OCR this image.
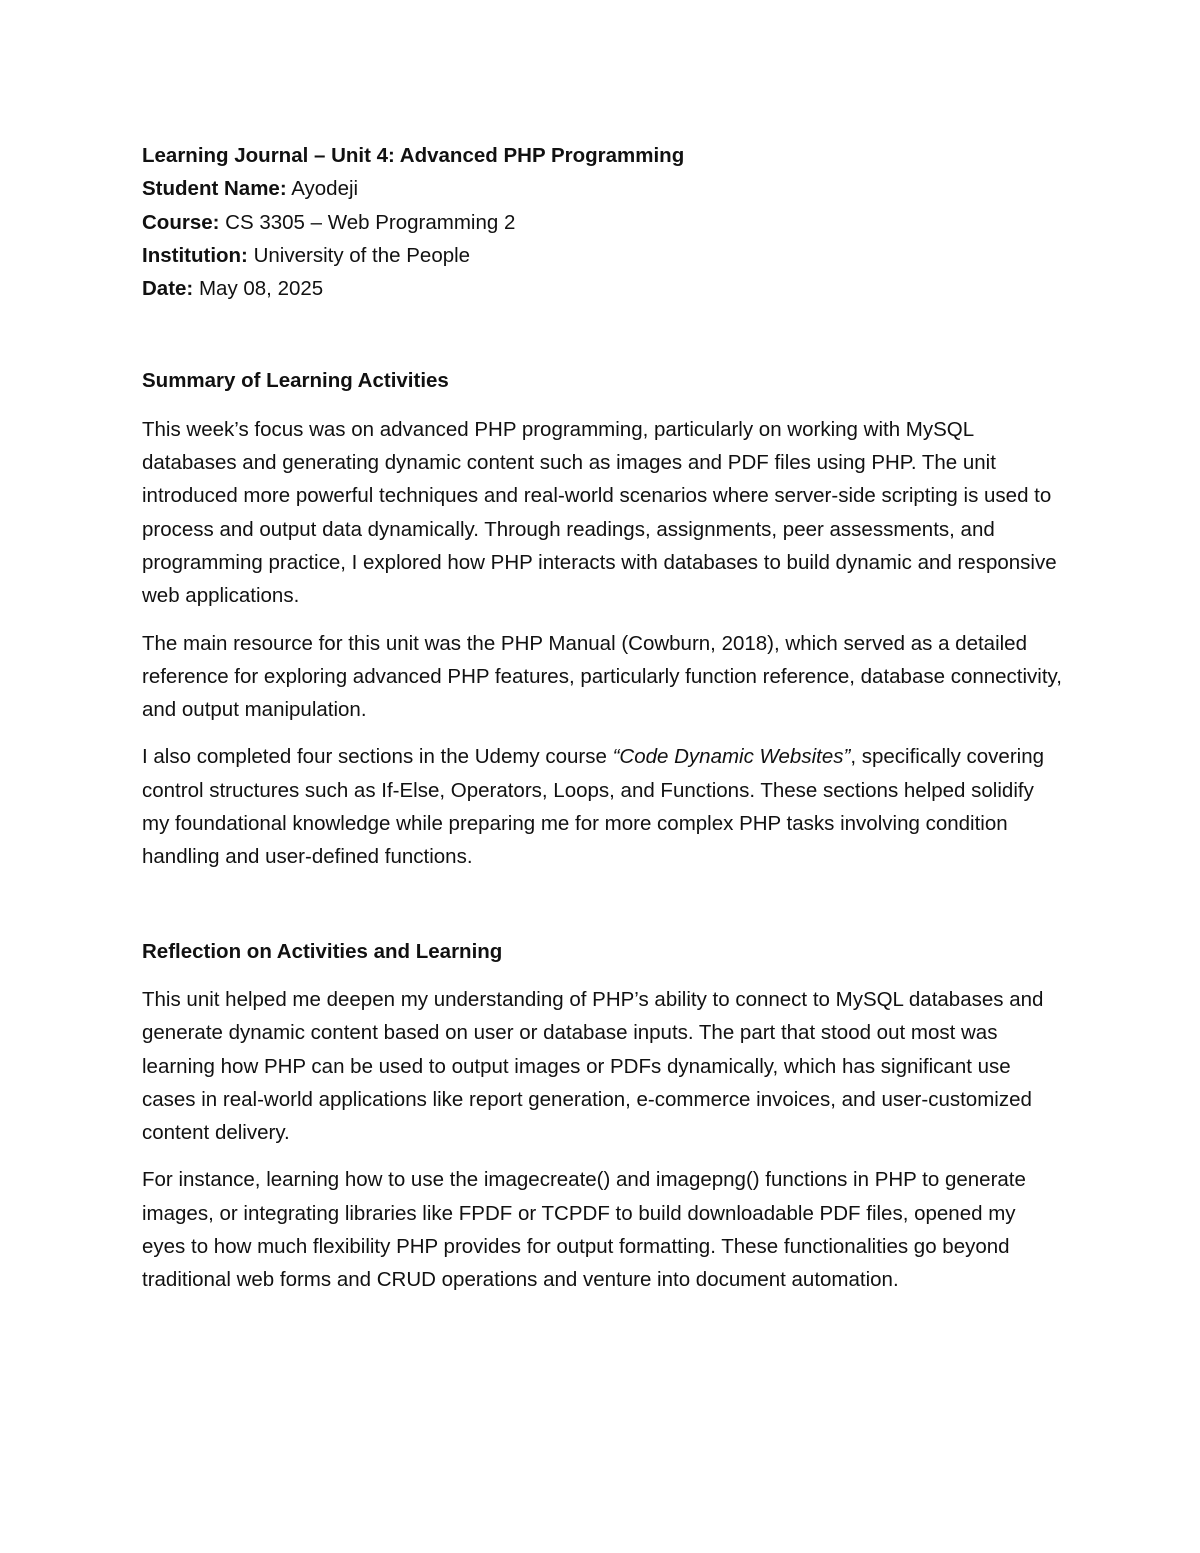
Learning Journal – Unit 4: Advanced PHP Programming

Student Name: Ayodeji

Course: CS 3305 – Web Programming 2

Institution: University of the People

Date: May 08, 2025

Summary of Learning Activities

This week’s focus was on advanced PHP programming, particularly on working with MySQL databases and generating dynamic content such as images and PDF files using PHP. The unit introduced more powerful techniques and real-world scenarios where server-side scripting is used to process and output data dynamically. Through readings, assignments, peer assessments, and programming practice, I explored how PHP interacts with databases to build dynamic and responsive web applications.

The main resource for this unit was the PHP Manual (Cowburn, 2018), which served as a detailed reference for exploring advanced PHP features, particularly function reference, database connectivity, and output manipulation.

I also completed four sections in the Udemy course “Code Dynamic Websites”, specifically covering control structures such as If-Else, Operators, Loops, and Functions. These sections helped solidify my foundational knowledge while preparing me for more complex PHP tasks involving condition handling and user-defined functions.

Reflection on Activities and Learning

This unit helped me deepen my understanding of PHP’s ability to connect to MySQL databases and generate dynamic content based on user or database inputs. The part that stood out most was learning how PHP can be used to output images or PDFs dynamically, which has significant use cases in real-world applications like report generation, e-commerce invoices, and user-customized content delivery.

For instance, learning how to use the imagecreate() and imagepng() functions in PHP to generate images, or integrating libraries like FPDF or TCPDF to build downloadable PDF files, opened my eyes to how much flexibility PHP provides for output formatting. These functionalities go beyond traditional web forms and CRUD operations and venture into document automation.
